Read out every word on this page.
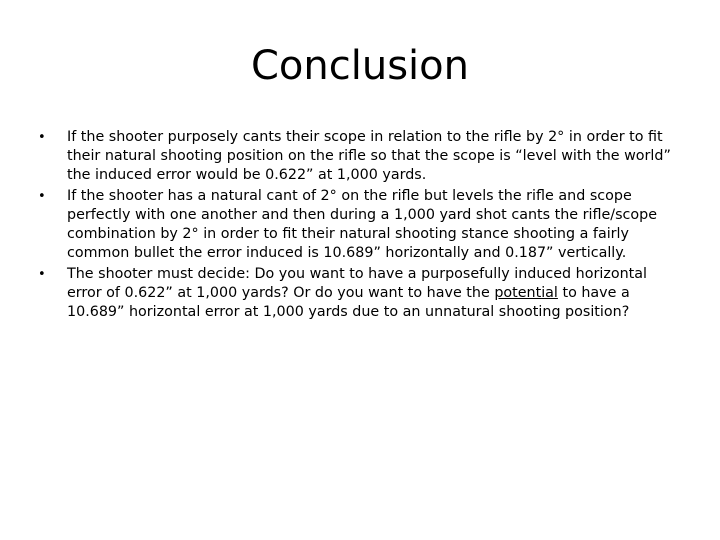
Conclusion
• If the shooter purposely cants their scope in relation to the rifle by 2° in order to fit their natural shooting position on the rifle so that the scope is “level with the world” the induced error would be 0.622” at 1,000 yards.
• If the shooter has a natural cant of 2° on the rifle but levels the rifle and scope perfectly with one another and then during a 1,000 yard shot cants the rifle/scope combination by 2° in order to fit their natural shooting stance shooting a fairly common bullet the error induced is 10.689” horizontally and 0.187” vertically.
• The shooter must decide: Do you want to have a purposefully induced horizontal error of 0.622” at 1,000 yards? Or do you want to have the potential to have a 10.689” horizontal error at 1,000 yards due to an unnatural shooting position?
